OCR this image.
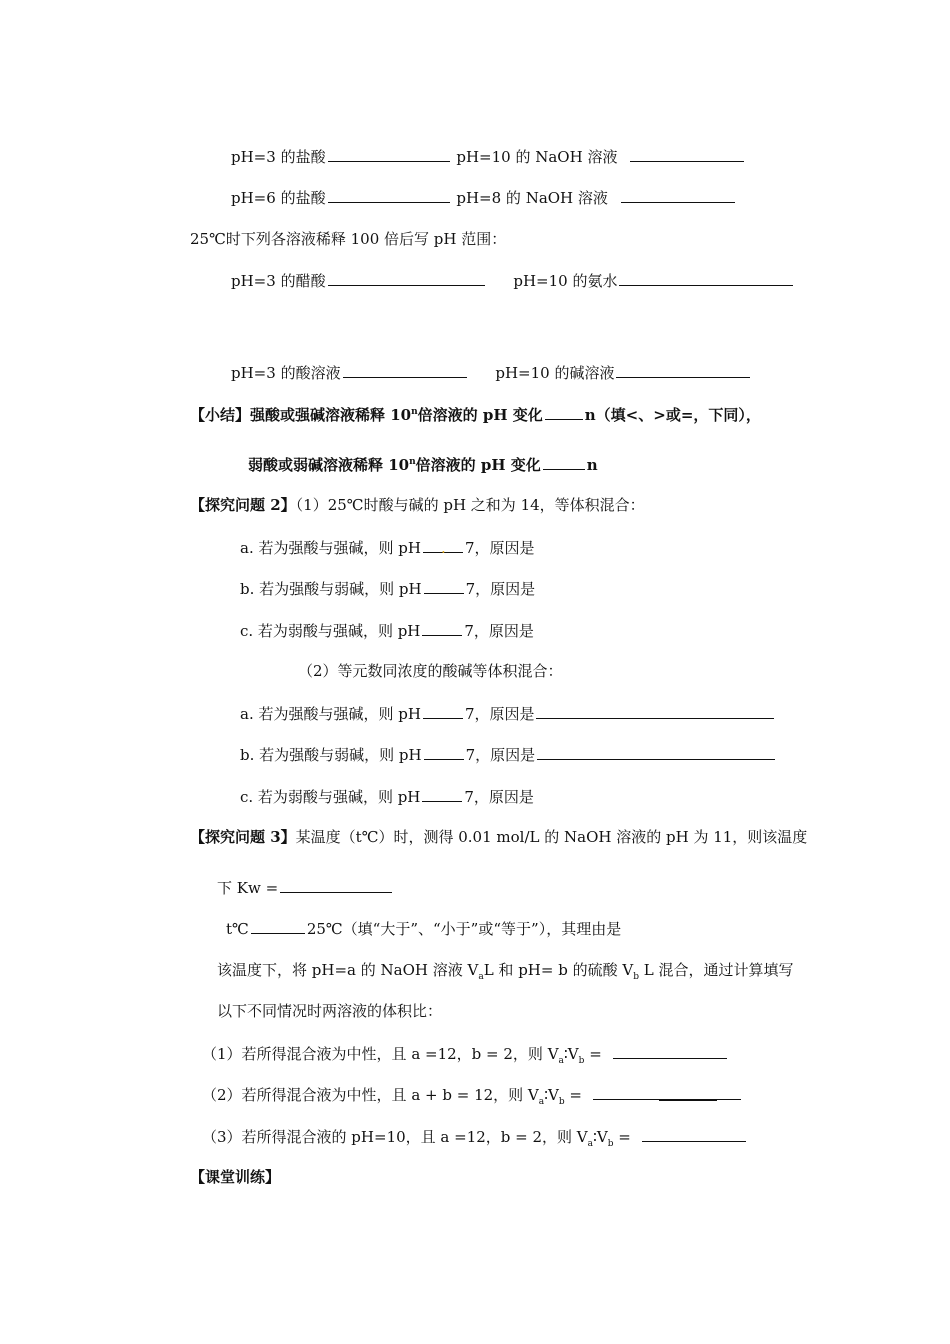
pH=3 的盐酸	pH=10 的 NaOH 溶液
pH=6 的盐酸	pH=8 的 NaOH 溶液
25℃时下列各溶液稀释 100 倍后写 pH 范围：
pH=3 的醋酸	pH=10 的氨水
pH=3 的酸溶液	pH=10 的碱溶液
【小结】强酸或强碱溶液稀释 10$^n$倍溶液的 pH 变化	n（填<、>或=，下同），
弱酸或弱碱溶液稀释 10$^n$倍溶液的 pH 变化	n
【探究问题 2】（1）25℃时酸与碱的 pH 之和为 14，等体积混合：
a. 若为强酸与强碱，则 pH . 7，原因是
b. 若为强酸与弱碱，则 pH	7，原因是
c. 若为弱酸与强碱，则 pH	7，原因是
（2）等元数同浓度的酸碱等体积混合：
a. 若为强酸与强碱，则 pH	7，原因是
b. 若为强酸与弱碱，则 pH	7，原因是
c. 若为弱酸与强碱，则 pH	7，原因是
【探究问题 3】某温度（t℃）时，测得 0.01 mol/L 的 NaOH 溶液的 pH 为 11，则该温度
下 Kw =
t℃	25℃（填“大于”、“小于”或“等于”），其理由是
该温度下，将 pH=a 的 NaOH 溶液 $V_aL$ 和 pH= b 的硫酸 $V_b$ L 混合，通过计算填写
以下不同情况时两溶液的体积比：
（1）若所得混合液为中性，且 a =12，b = 2，则 $V_a∶V_b$ =
（2）若所得混合液为中性，且 a + b = 12，则 $V_a∶V_b$ =
（3）若所得混合液的 pH=10，且 a =12，b = 2，则 $V_a∶V_b$ =
【课堂训练】
